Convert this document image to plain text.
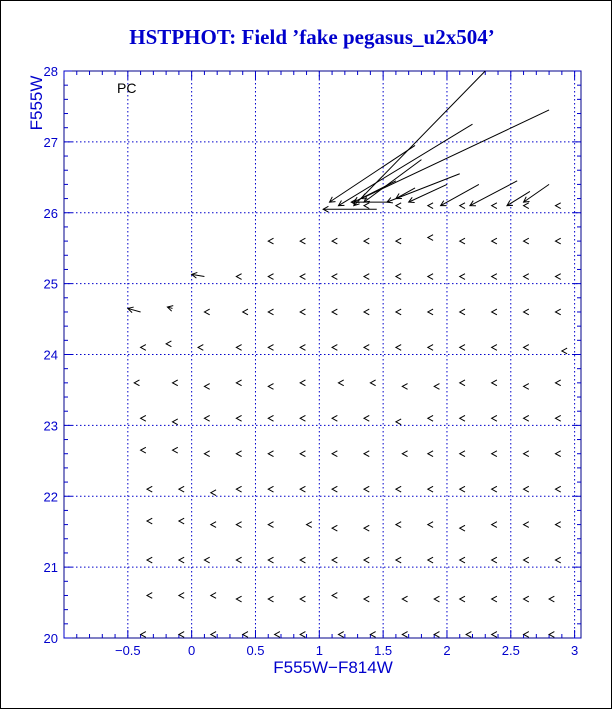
HSTPHOT: Field ’fake pegasus_u2x504’
−0.5	0	0.5	1	1.5	2	2.5	3
20
21
22
23
24
25
26
27
28
F555W−F814W
F555W	PC
